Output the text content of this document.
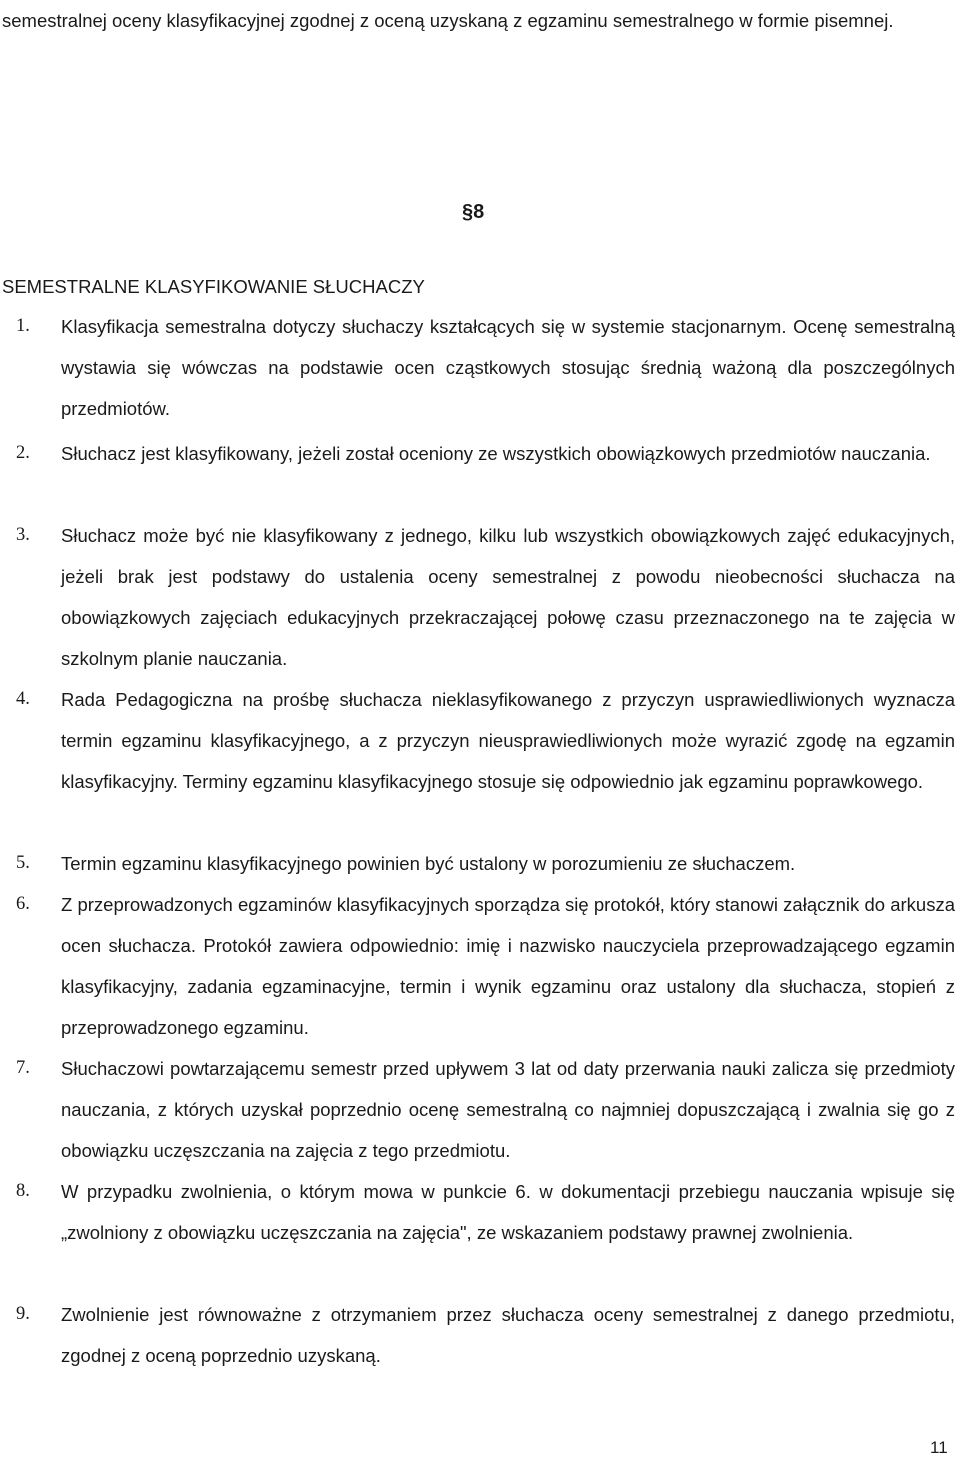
semestralnej oceny klasyfikacyjnej zgodnej z oceną uzyskaną z egzaminu semestralnego w formie pisemnej.

§8
SEMESTRALNE KLASYFIKOWANIE SŁUCHACZY
1. Klasyfikacja semestralna dotyczy słuchaczy kształcących się w systemie stacjonarnym. Ocenę semestralną wystawia się wówczas na podstawie ocen cząstkowych stosując średnią ważoną dla poszczególnych przedmiotów.

2. Słuchacz jest klasyfikowany, jeżeli został oceniony ze wszystkich obowiązkowych przedmiotów nauczania.

3. Słuchacz może być nie klasyfikowany z jednego, kilku lub wszystkich obowiązkowych zajęć edukacyjnych, jeżeli brak jest podstawy do ustalenia oceny semestralnej z powodu nieobecności słuchacza na obowiązkowych zajęciach edukacyjnych przekraczającej połowę czasu przeznaczonego na te zajęcia w szkolnym planie nauczania.

4. Rada Pedagogiczna na prośbę słuchacza nieklasyfikowanego z przyczyn usprawiedliwionych wyznacza termin egzaminu klasyfikacyjnego, a z przyczyn nieusprawiedliwionych może wyrazić zgodę na egzamin klasyfikacyjny. Terminy egzaminu klasyfikacyjnego stosuje się odpowiednio jak egzaminu poprawkowego.

5. Termin egzaminu klasyfikacyjnego powinien być ustalony w porozumieniu ze słuchaczem.

6. Z przeprowadzonych egzaminów klasyfikacyjnych sporządza się protokół, który stanowi załącznik do arkusza ocen słuchacza. Protokół zawiera odpowiednio: imię i nazwisko nauczyciela przeprowadzającego egzamin klasyfikacyjny, zadania egzaminacyjne, termin i wynik egzaminu oraz ustalony dla słuchacza, stopień z przeprowadzonego egzaminu.

7. Słuchaczowi powtarzającemu semestr przed upływem 3 lat od daty przerwania nauki zalicza się przedmioty nauczania, z których uzyskał poprzednio ocenę semestralną co najmniej dopuszczającą i zwalnia się go z obowiązku uczęszczania na zajęcia z tego przedmiotu.

8. W przypadku zwolnienia, o którym mowa w punkcie 6. w dokumentacji przebiegu nauczania wpisuje się „zwolniony z obowiązku uczęszczania na zajęcia", ze wskazaniem podstawy prawnej zwolnienia.

9. Zwolnienie jest równoważne z otrzymaniem przez słuchacza oceny semestralnej z danego przedmiotu, zgodnej z oceną poprzednio uzyskaną.

11
